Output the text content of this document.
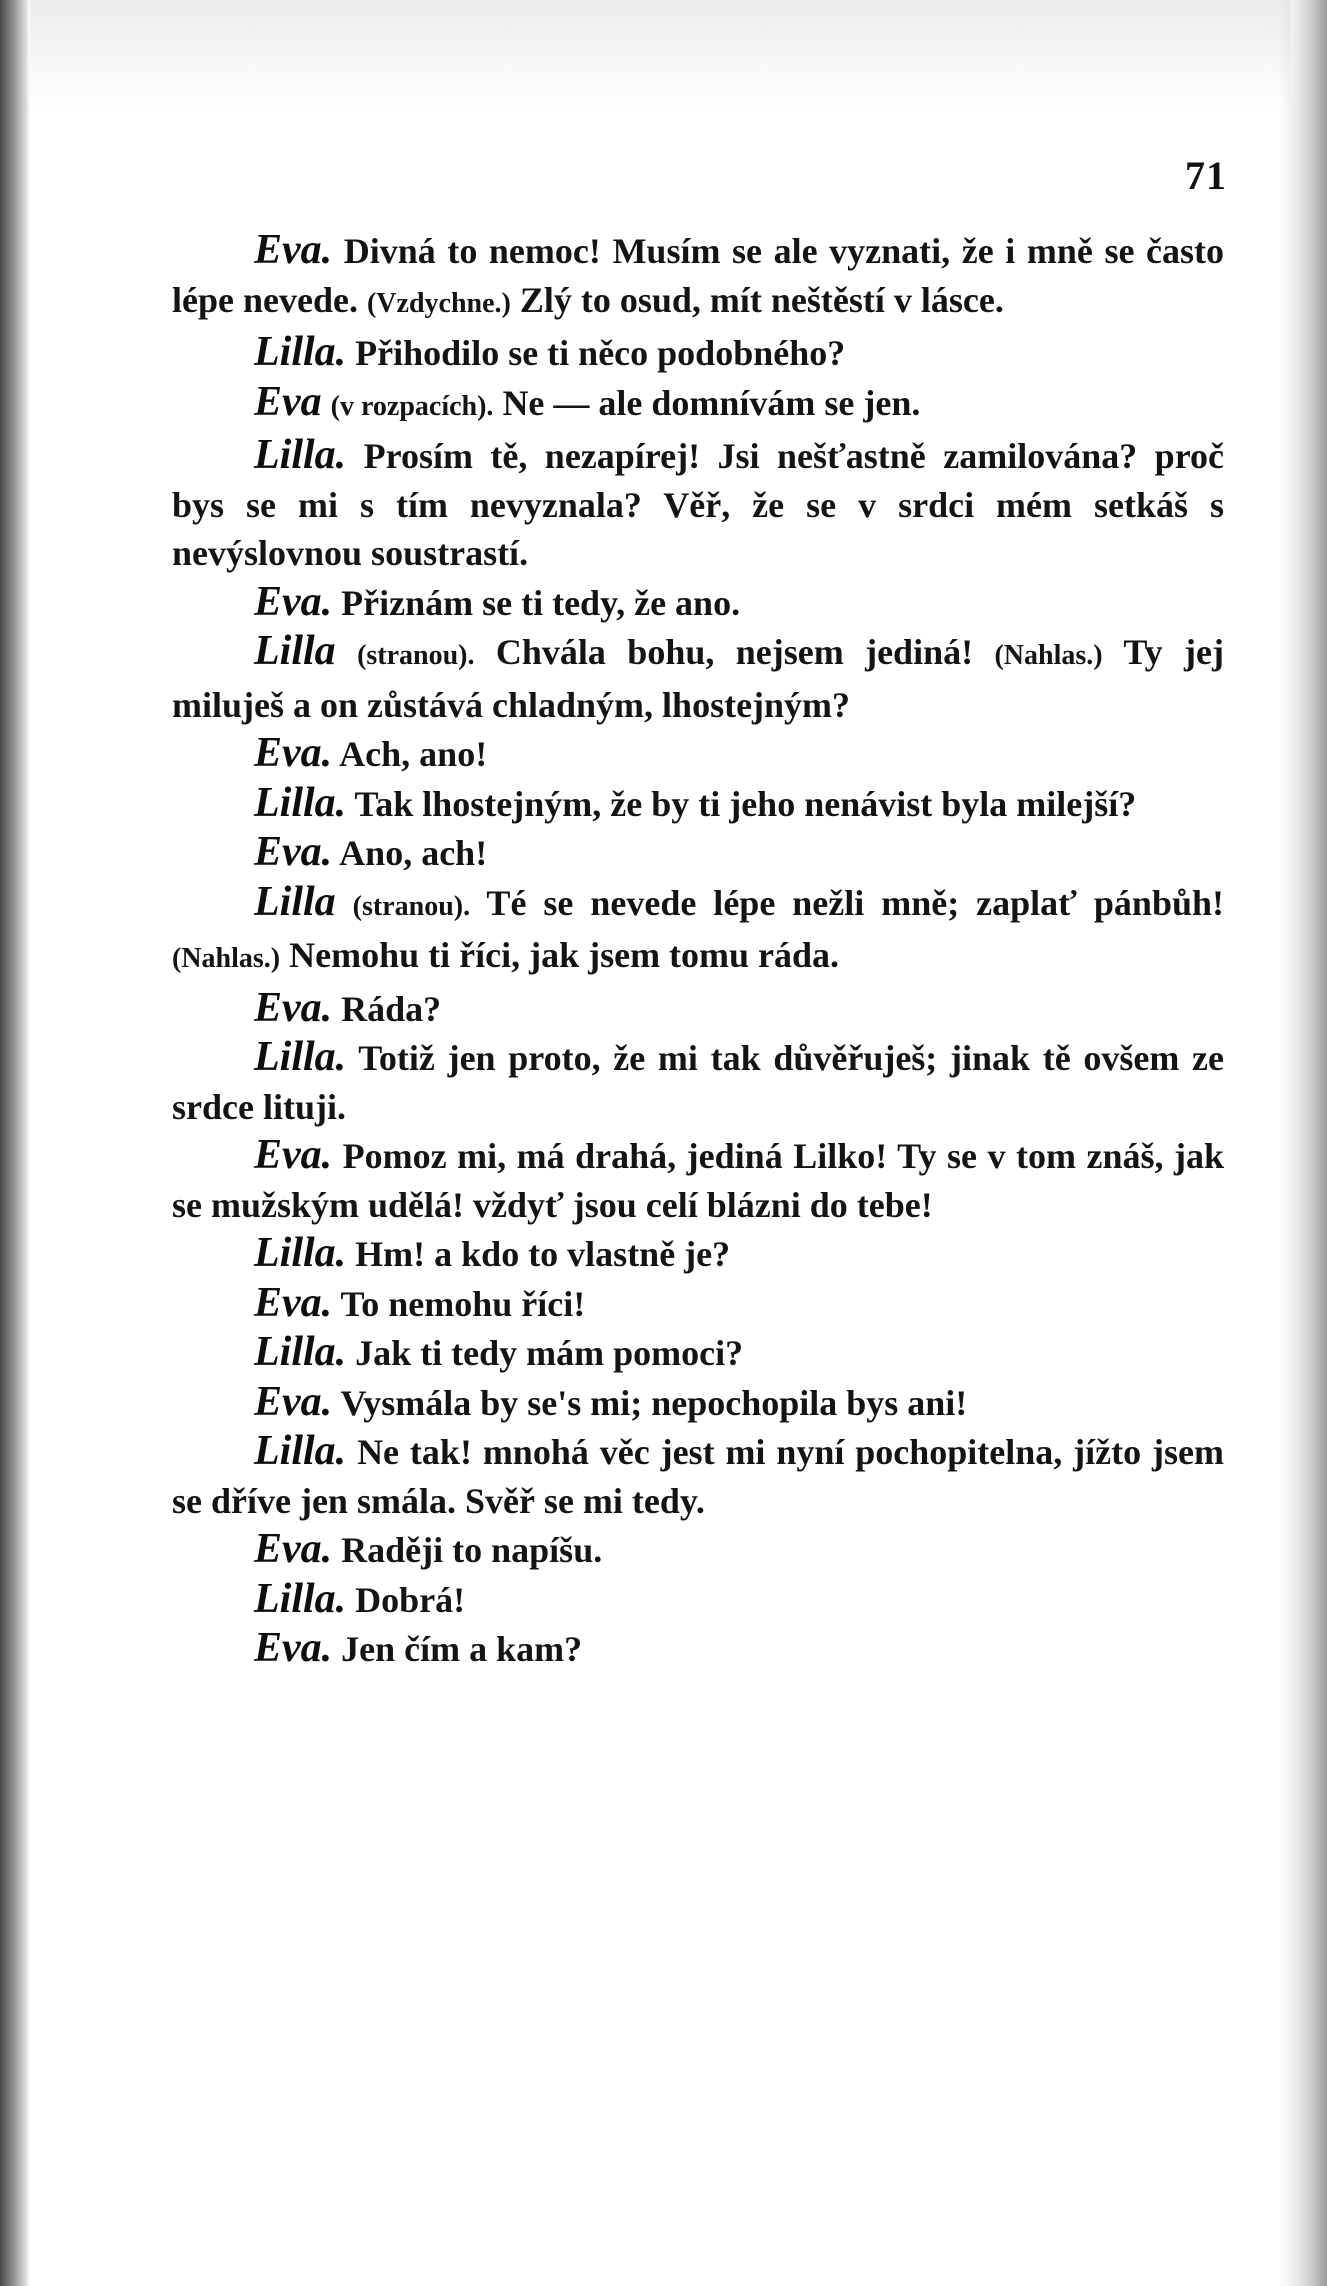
71

Eva. Divná to nemoc! Musím se ale vyznati, že i mně se často lépe nevede. (Vzdychne.) Zlý to osud, mít neštěstí v lásce.

Lilla. Přihodilo se ti něco podobného?

Eva (v rozpacích). Ne — ale domnívám se jen.

Lilla. Prosím tě, nezapírej! Jsi nešťastně zamilována? proč bys se mi s tím nevyznala? Věř, že se v srdci mém setkáš s nevýslovnou soustrastí.

Eva. Přiznám se ti tedy, že ano.

Lilla (stranou). Chvála bohu, nejsem jediná! (Nahlas.) Ty jej miluješ a on zůstává chladným, lhostejným?

Eva. Ach, ano!

Lilla. Tak lhostejným, že by ti jeho nenávist byla milejší?

Eva. Ano, ach!

Lilla (stranou). Té se nevede lépe nežli mně; zaplať pánbůh! (Nahlas.) Nemohu ti říci, jak jsem tomu ráda.

Eva. Ráda?

Lilla. Totiž jen proto, že mi tak důvěřuješ; jinak tě ovšem ze srdce lituji.

Eva. Pomoz mi, má drahá, jediná Lilko! Ty se v tom znáš, jak se mužským udělá! vždyť jsou celí blázni do tebe!

Lilla. Hm! a kdo to vlastně je?

Eva. To nemohu říci!

Lilla. Jak ti tedy mám pomoci?

Eva. Vysmála by se's mi; nepochopila bys ani!

Lilla. Ne tak! mnohá věc jest mi nyní pochopitelna, jížto jsem se dříve jen smála. Svěř se mi tedy.

Eva. Raději to napíšu.

Lilla. Dobrá!

Eva. Jen čím a kam?
